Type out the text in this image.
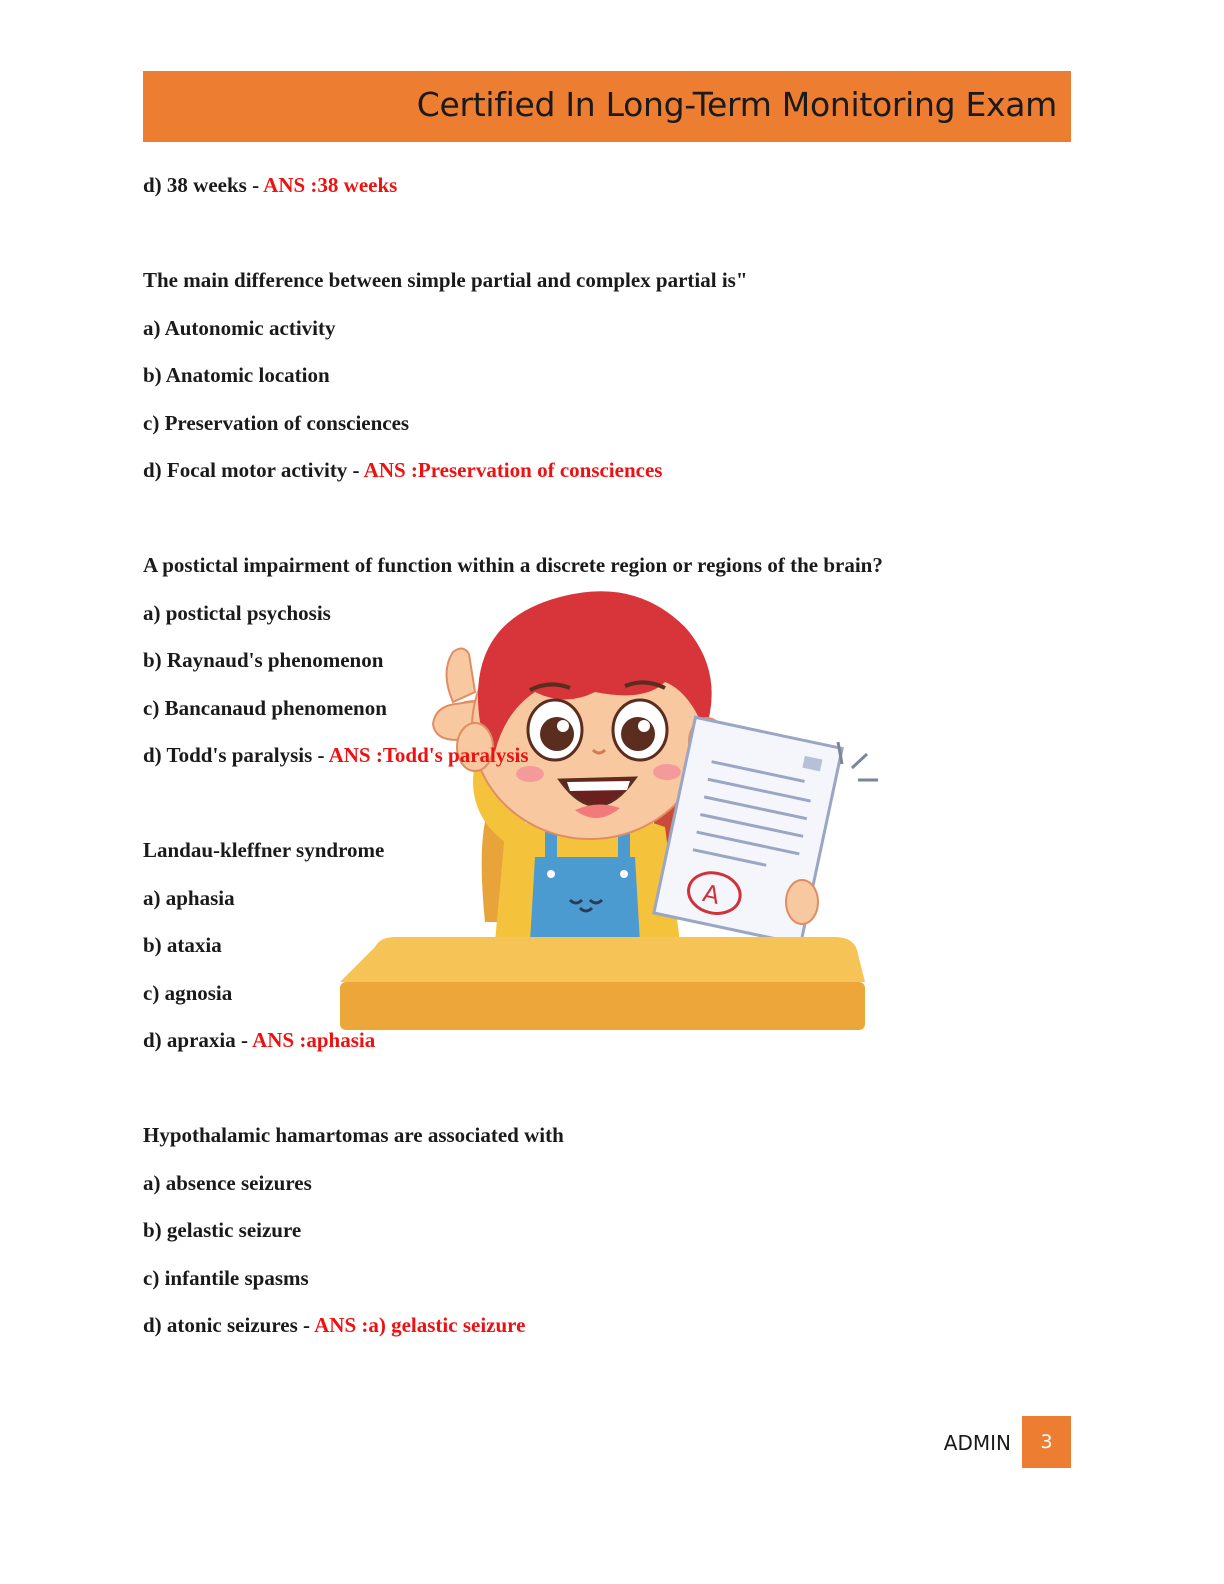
Certified In Long-Term Monitoring Exam
A
d) 38 weeks - ANS :38 weeks
The main difference between simple partial and complex partial is"
a) Autonomic activity
b) Anatomic location
c) Preservation of consciences
d) Focal motor activity - ANS :Preservation of consciences
A postictal impairment of function within a discrete region or regions of the brain?
a) postictal psychosis
b) Raynaud's phenomenon
c) Bancanaud phenomenon
d) Todd's paralysis - ANS :Todd's paralysis
Landau-kleffner syndrome
a) aphasia
b) ataxia
c) agnosia
d) apraxia - ANS :aphasia
Hypothalamic hamartomas are associated with
a) absence seizures
b) gelastic seizure
c) infantile spasms
d) atonic seizures - ANS :a) gelastic seizure
ADMIN	3
